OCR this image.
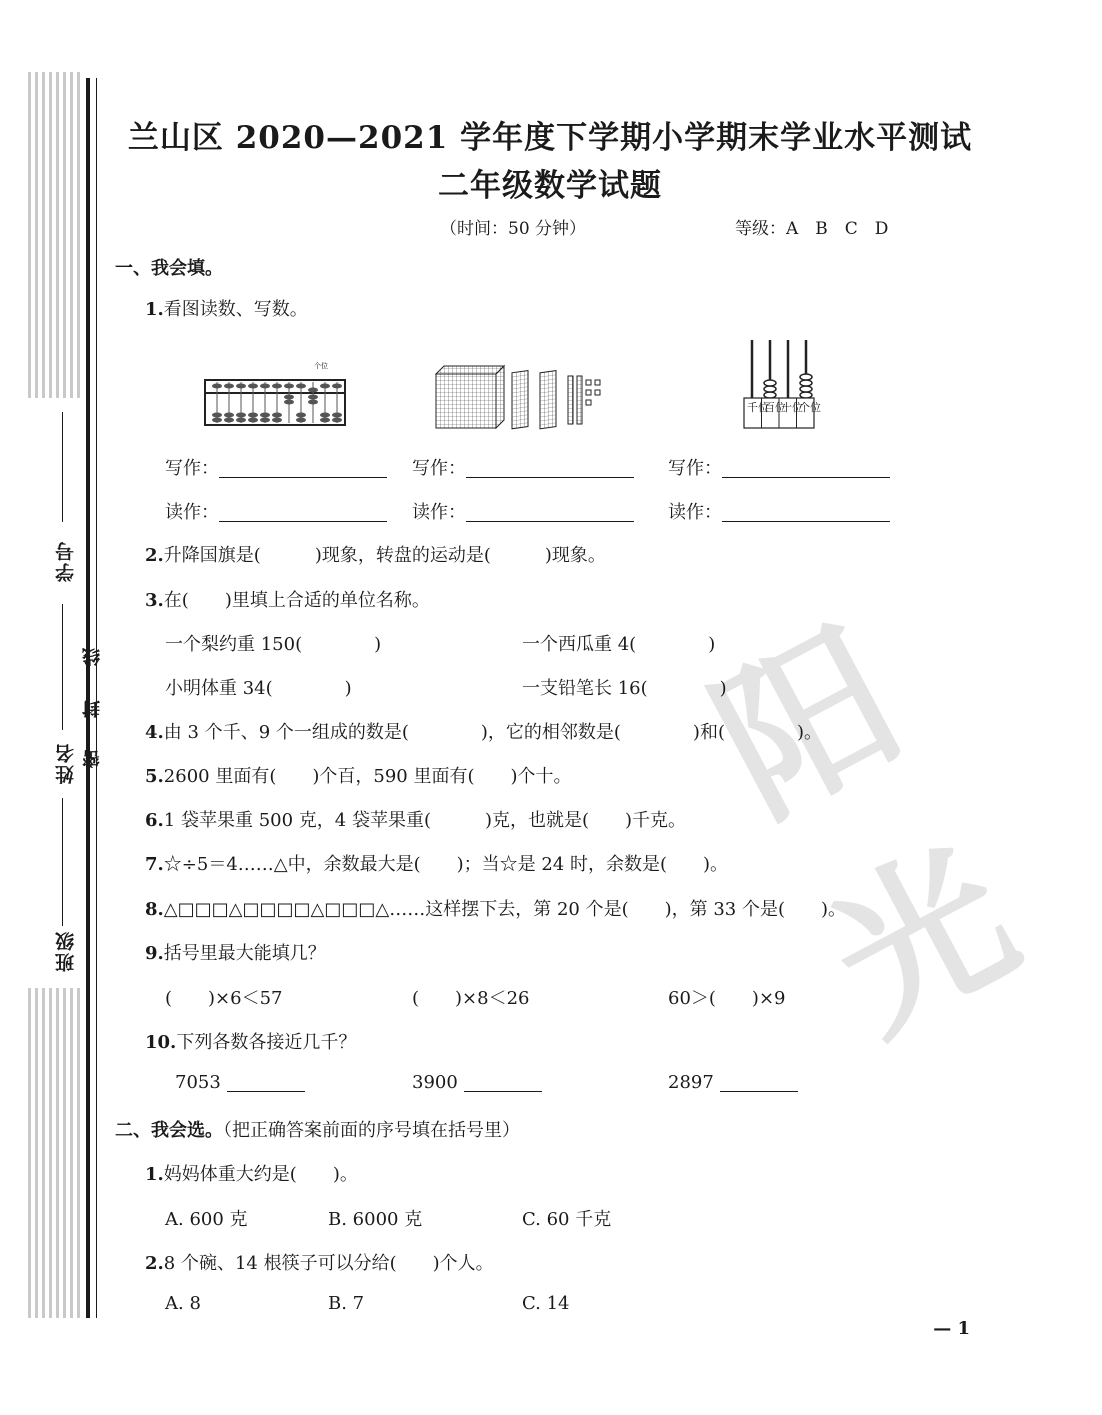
阳光
学号
姓名
班级
线
封
密
兰山区 2020—2021 学年度下学期小学期末学业水平测试
二年级数学试题
（时间：50 分钟）	等级：A　B　C　D
一、我会填。
1.看图读数、写数。
个位
千位
百位
十位
个位
写作：	写作：	写作：
读作：	读作：	读作：
2.升降国旗是(　　　)现象，转盘的运动是(　　　)现象。
3.在(　　)里填上合适的单位名称。
一个梨约重 150(　　　　)	一个西瓜重 4(　　　　)
小明体重 34(　　　　)	一支铅笔长 16(　　　　)
4.由 3 个千、9 个一组成的数是(　　　　)，它的相邻数是(　　　　)和(　　　　)。
5.2600 里面有(　　)个百，590 里面有(　　)个十。
6.1 袋苹果重 500 克，4 袋苹果重(　　　)克，也就是(　　)千克。
7.☆÷5＝4……△中，余数最大是(　　)；当☆是 24 时，余数是(　　)。
8.△□□□△□□□□△□□□△……这样摆下去，第 20 个是(　　)，第 33 个是(　　)。
9.括号里最大能填几？
(　　)×6＜57	(　　)×8＜26	60＞(　　)×9
10.下列各数各接近几千？
7053	3900	2897
二、我会选。（把正确答案前面的序号填在括号里）
1.妈妈体重大约是(　　)。
A. 600 克	B. 6000 克	C. 60 千克
2.8 个碗、14 根筷子可以分给(　　)个人。
A. 8	B. 7	C. 14
— 1
